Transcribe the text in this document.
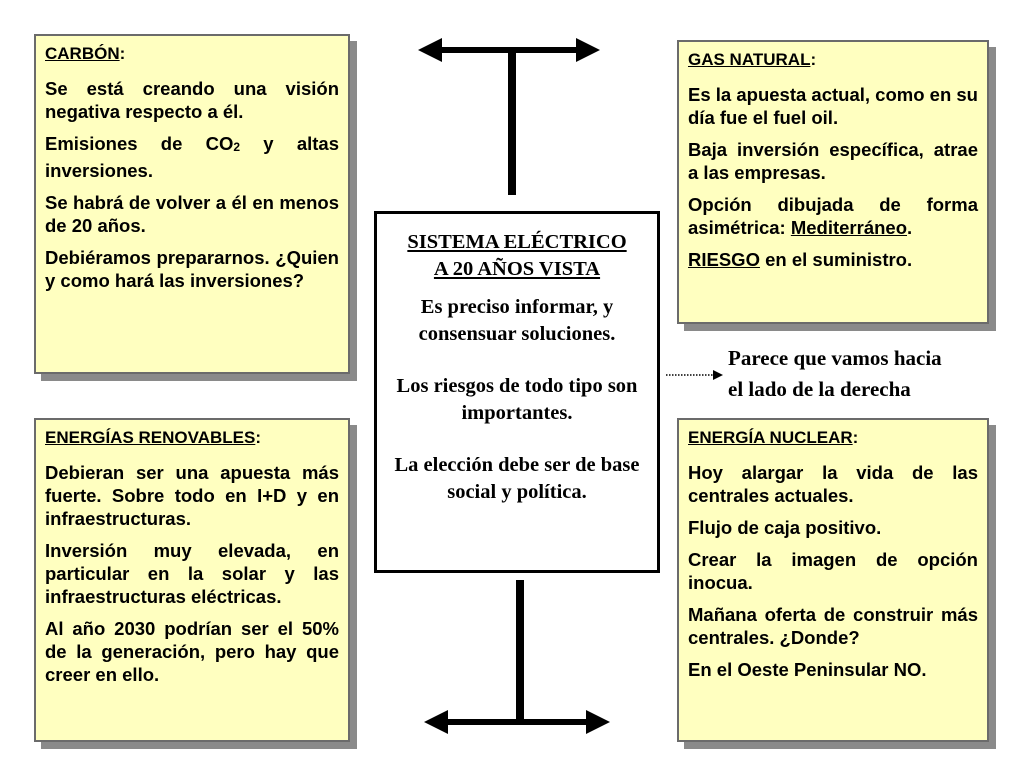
CARBÓN:

Se está creando una visión negativa respecto a él.

Emisiones de $CO_2$ y altas inversiones.

Se habrá de volver a él en menos de 20 años.

Debiéramos prepararnos. ¿Quien y como hará las inversiones?

GAS NATURAL:

Es la apuesta actual, como en su día fue el fuel oil.

Baja inversión específica, atrae a las empresas.

Opción dibujada de forma asimétrica: Mediterráneo.

RIESGO en el suministro.

SISTEMA ELÉCTRICO
A 20 AÑOS VISTA

Es preciso informar, y consensuar soluciones.

Los riesgos de todo tipo son importantes.

La elección debe ser de base social y política.

Parece que vamos hacia
el lado de la derecha
ENERGÍAS RENOVABLES:

Debieran ser una apuesta más fuerte. Sobre todo en I+D y en infraestructuras.

Inversión muy elevada, en particular en la solar y las infraestructuras eléctricas.

Al año 2030 podrían ser el 50% de la generación, pero hay que creer en ello.

ENERGÍA NUCLEAR:

Hoy alargar la vida de las centrales actuales.

Flujo de caja positivo.

Crear la imagen de opción inocua.

Mañana oferta de construir más centrales. ¿Donde?

En el Oeste Peninsular NO.
